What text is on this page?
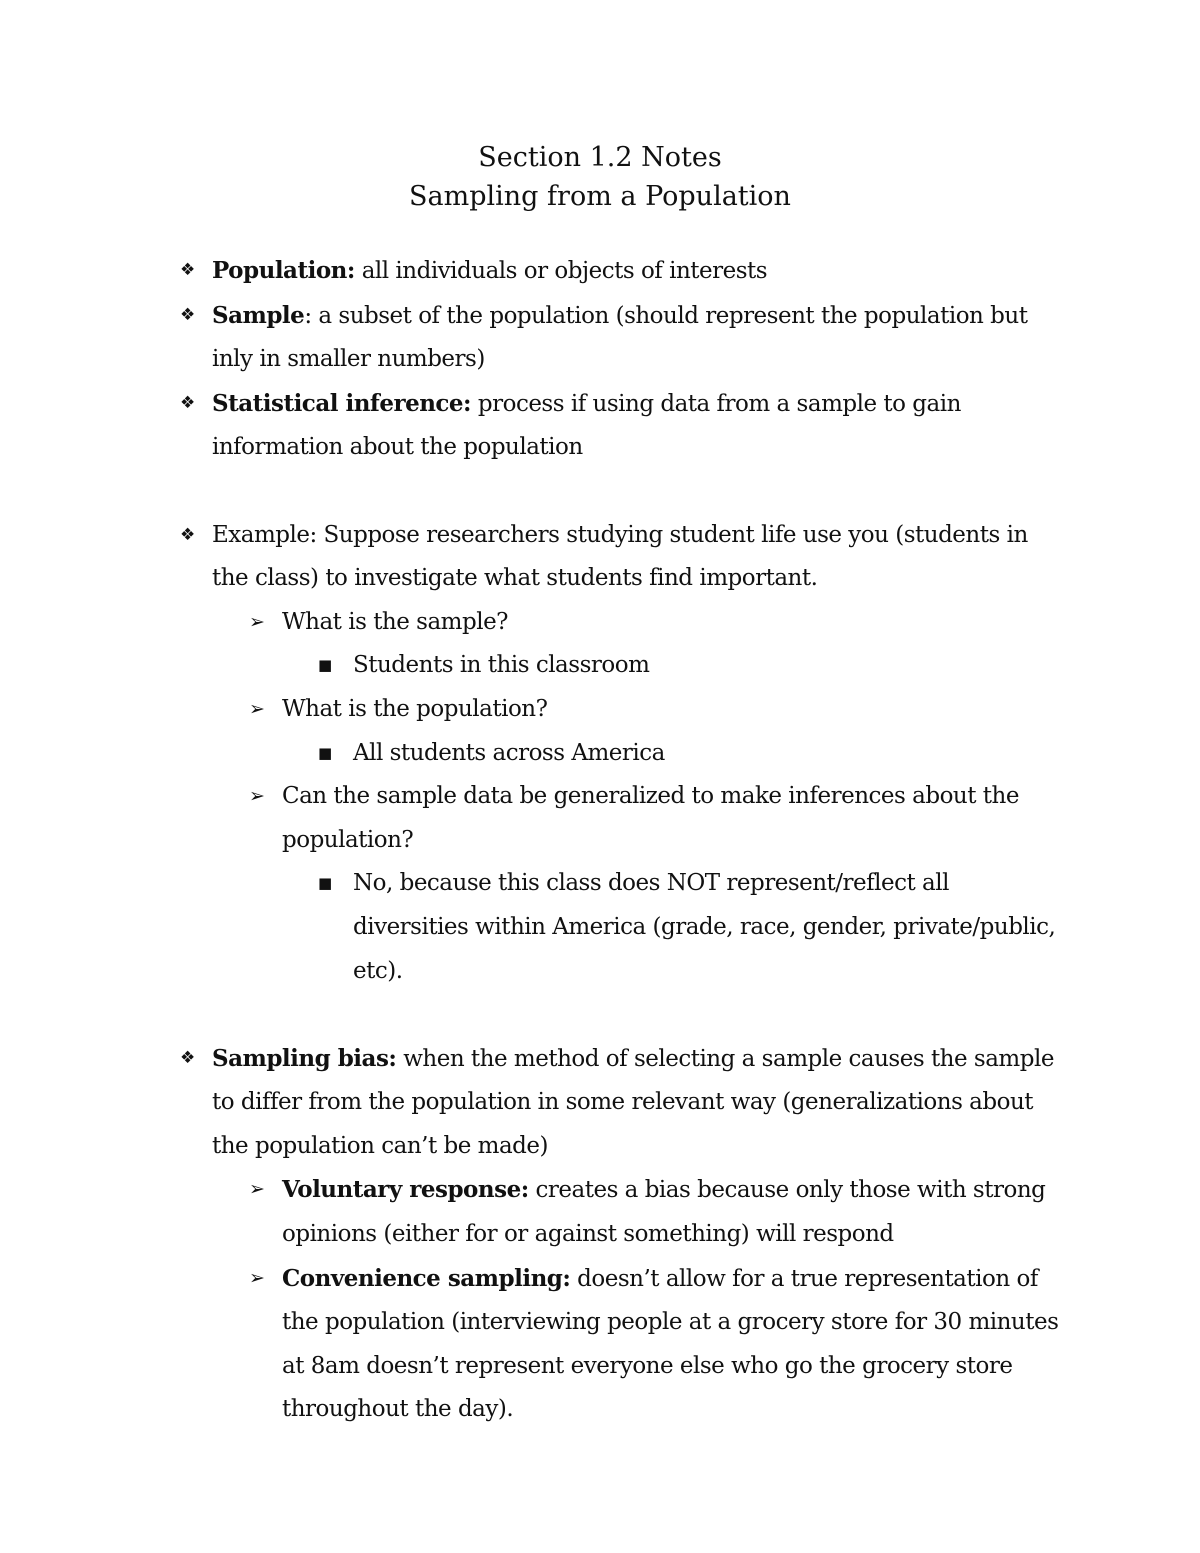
Section 1.2 Notes
Sampling from a Population
❖ Population: all individuals or objects of interests
❖ Sample: a subset of the population (should represent the population but inly in smaller numbers)
❖ Statistical inference: process if using data from a sample to gain information about the population
❖ Example: Suppose researchers studying student life use you (students in the class) to investigate what students find important.
➢ What is the sample?
■ Students in this classroom
➢ What is the population?
■ All students across America
➢ Can the sample data be generalized to make inferences about the population?
■ No, because this class does NOT represent/reflect all diversities within America (grade, race, gender, private/public, etc).
❖ Sampling bias: when the method of selecting a sample causes the sample to differ from the population in some relevant way (generalizations about the population can’t be made)
➢ Voluntary response: creates a bias because only those with strong opinions (either for or against something) will respond
➢ Convenience sampling: doesn’t allow for a true representation of the population (interviewing people at a grocery store for 30 minutes at 8am doesn’t represent everyone else who go the grocery store throughout the day).
